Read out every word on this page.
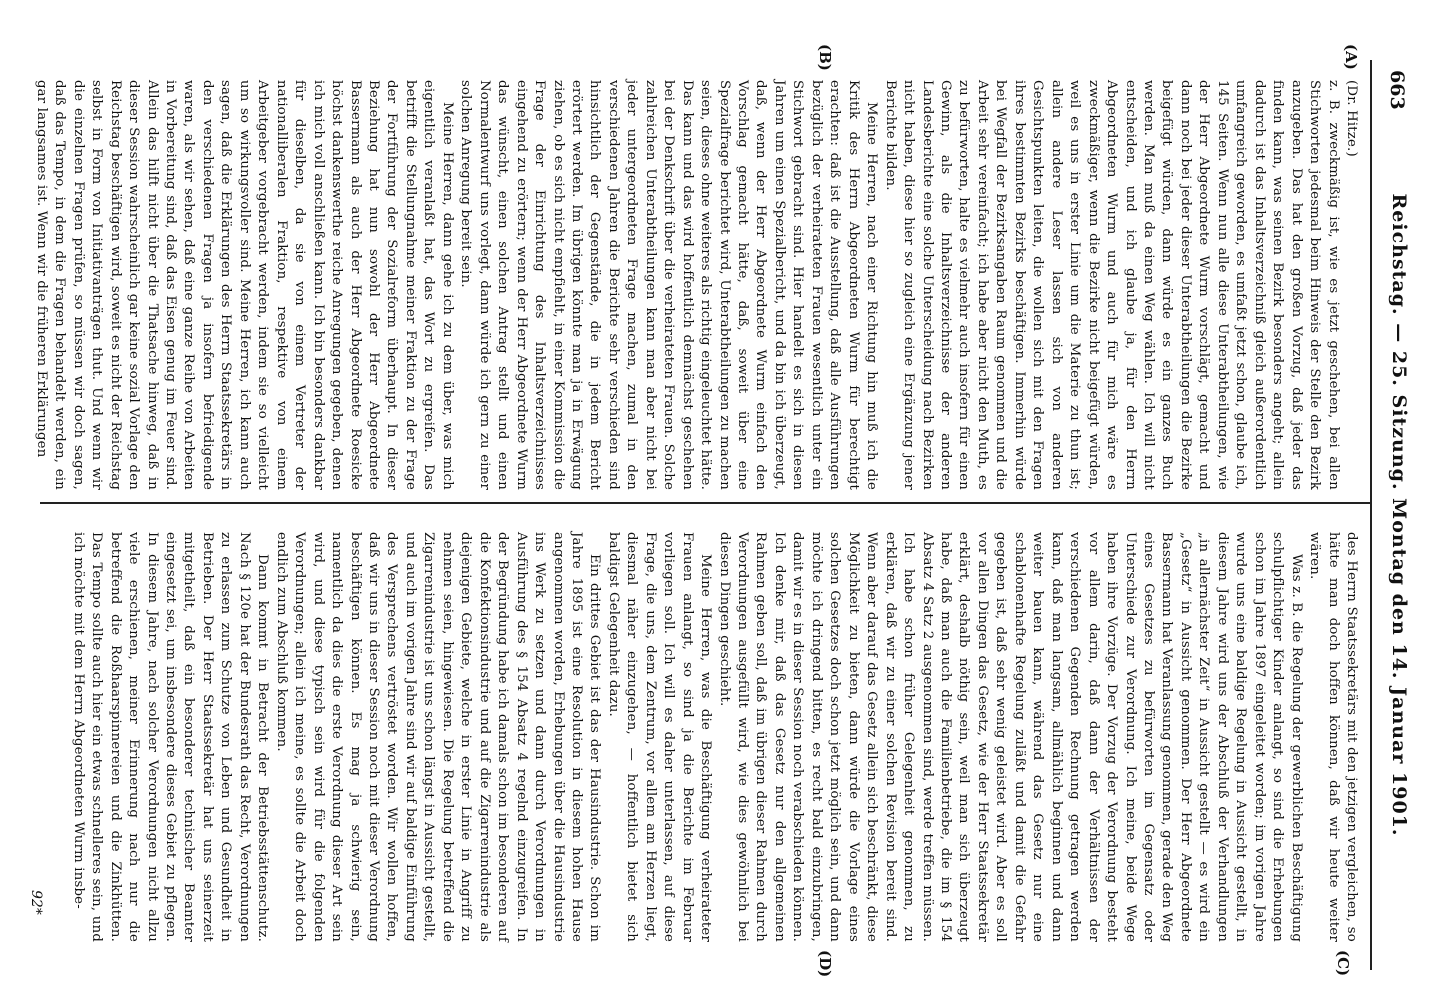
663
Reichstag. — 25. Sitzung. Montag den 14. Januar 1901.
(A)
(B)
(C)
(D)

(Dr. Hitze.)

z. B. zweckmäßig ist, wie es jetzt geschehen, bei allen Stichworten jedesmal beim Hinweis der Stelle den Bezirk anzugeben. Das hat den großen Vorzug, daß jeder das finden kann, was seinen Bezirk besonders angeht; allein dadurch ist das Inhaltsverzeichniß gleich außerordentlich umfangreich geworden, es umfaßt jetzt schon, glaube ich, 145 Seiten. Wenn nun alle diese Unterabtheilungen, wie der Herr Abgeordnete Wurm vorschlägt, gemacht und dann noch bei jeder dieser Unterabtheilungen die Bezirke beigefügt würden, dann würde es ein ganzes Buch werden. Man muß da einen Weg wählen. Ich will nicht entscheiden, und ich glaube ja, für den Herrn Abgeordneten Wurm und auch für mich wäre es zweckmäßiger, wenn die Bezirke nicht beigefügt würden, weil es uns in erster Linie um die Materie zu thun ist; allein andere Leser lassen sich von anderen Gesichtspunkten leiten, die wollen sich mit den Fragen ihres bestimmten Bezirks beschäftigen. Immerhin würde bei Wegfall der Bezirksangaben Raum genommen und die Arbeit sehr vereinfacht; ich habe aber nicht den Muth, es zu befürworten, halte es vielmehr auch insofern für einen Gewinn, als die Inhaltsverzeichnisse der anderen Landesberichte eine solche Unterscheidung nach Bezirken nicht haben, diese hier so zugleich eine Ergänzung jener Berichte bilden.

Meine Herren, nach einer Richtung hin muß ich die Kritik des Herrn Abgeordneten Wurm für berechtigt erachten: daß ist die Ausstellung, daß alle Ausführungen bezüglich der verheirateten Frauen wesentlich unter ein Stichwort gebracht sind. Hier handelt es sich in diesen Jahren um einen Spezialbericht, und da bin ich überzeugt, daß, wenn der Herr Abgeordnete Wurm einfach den Vorschlag gemacht hätte, daß, soweit über eine Spezialfrage berichtet wird, Unterabtheilungen zu machen seien, dieses ohne weiteres als richtig eingeleuchtet hätte. Das kann und das wird hoffentlich demnächst geschehen bei der Denkschrift über die verheirateten Frauen. Solche zahlreichen Unterabtheilungen kann man aber nicht bei jeder untergeordneten Frage machen, zumal in den verschiedenen Jahren die Berichte sehr verschieden sind hinsichtlich der Gegenstände, die in jedem Bericht erörtert werden. Im übrigen könnte man ja in Erwägung ziehen, ob es sich nicht empfiehlt, in einer Kommission die Frage der Einrichtung des Inhaltsverzeichnisses eingehend zu erörtern; wenn der Herr Abgeordnete Wurm das wünscht, einen solchen Antrag stellt und einen Normalentwurf uns vorlegt, dann würde ich gern zu einer solchen Anregung bereit sein.

Meine Herren, dann gehe ich zu dem über, was mich eigentlich veranlaßt hat, das Wort zu ergreifen. Das betrifft die Stellungnahme meiner Fraktion zu der Frage der Fortführung der Sozialreform überhaupt. In dieser Beziehung hat nun sowohl der Herr Abgeordnete Bassermann als auch der Herr Abgeordnete Roesicke höchst dankenswerthe reiche Anregungen gegeben, denen ich mich voll anschließen kann. Ich bin besonders dankbar für dieselben, da sie von einem Vertreter der nationalliberalen Fraktion, respektive von einem Arbeitgeber vorgebracht werden, indem sie so vielleicht um so wirkungsvoller sind. Meine Herren, ich kann auch sagen, daß die Erklärungen des Herrn Staatssekretärs in den verschiedenen Fragen ja insofern befriedigende waren, als wir sehen, daß eine ganze Reihe von Arbeiten in Vorbereitung sind, daß das Eisen genug im Feuer sind. Allein das hilft nicht über die Thatsache hinweg, daß in dieser Session wahrscheinlich gar keine sozial Vorlage den Reichstag beschäftigen wird, soweit es nicht der Reichstag selbst in Form von Initiativanträgen thut. Und wenn wir die einzelnen Fragen prüfen, so müssen wir doch sagen, daß das Tempo, in dem die Fragen behandelt werden, ein gar langsames ist. Wenn wir die früheren Erklärungen

des Herrn Staatssekretärs mit den jetzigen vergleichen, so hätte man doch hoffen können, daß wir heute weiter wären.

Was z. B. die Regelung der gewerblichen Beschäftigung schulpflichtiger Kinder anlangt, so sind die Erhebungen schon im Jahre 1897 eingeleitet worden; im vorigen Jahre wurde uns eine baldige Regelung in Aussicht gestellt, in diesem Jahre wird uns der Abschluß der Verhandlungen „in allernächster Zeit“ in Aussicht gestellt — es wird ein „Gesetz“ in Aussicht genommen. Der Herr Abgeordnete Bassermann hat Veranlassung genommen, gerade den Weg eines Gesetzes zu befürworten im Gegensatz oder Unterschiede zur Verordnung. Ich meine, beide Wege haben ihre Vorzüge. Der Vorzug der Verordnung besteht vor allem darin, daß dann der Verhältnissen der verschiedenen Gegenden Rechnung getragen werden kann, daß man langsam, allmählich beginnen und dann weiter bauen kann, während das Gesetz nur eine schablonenhafte Regelung zuläßt und damit die Gefahr gegeben ist, daß sehr wenig geleistet wird. Aber es soll vor allen Dingen das Gesetz, wie der Herr Staatssekretär erklärt, deshalb nöthig sein, weil man sich überzeugt habe, daß man auch die Familienbetriebe, die im § 154 Absatz 4 Satz 2 ausgenommen sind, werde treffen müssen. Ich habe schon früher Gelegenheit genommen, zu erklären, daß wir zu einer solchen Revision bereit sind. Wenn aber darauf das Gesetz allein sich beschränkt, diese Möglichkeit zu bieten, dann würde die Vorlage eines solchen Gesetzes doch schon jetzt möglich sein, und dann möchte ich dringend bitten, es recht bald einzubringen, damit wir es in dieser Session noch verabschieden können. Ich denke mir, daß das Gesetz nur den allgemeinen Rahmen geben soll, daß im übrigen dieser Rahmen durch Verordnungen ausgefüllt wird, wie dies gewöhnlich bei diesen Dingen geschieht.

Meine Herren, was die Beschäftigung verheirateter Frauen anlangt, so sind ja die Berichte im Februar vorliegen soll. Ich will es daher unterlassen, auf diese Frage, die uns, dem Zentrum, vor allem am Herzen liegt, diesmal näher einzugehen, — hoffentlich bietet sich baldigst Gelegenheit dazu.

Ein drittes Gebiet ist das der Hausindustrie. Schon im Jahre 1895 ist eine Resolution in diesem hohen Hause angenommen worden, Erhebungen über die Hausindustrie ins Werk zu setzen und dann durch Verordnungen in Ausführung des § 154 Absatz 4 regelnd einzugreifen. In der Begründung habe ich damals schon im besonderen auf die Konfektionsindustrie und auf die Zigarrenindustrie als diejenigen Gebiete, welche in erster Linie in Angriff zu nehmen seien, hingewiesen. Die Regelung betreffend die Zigarrenindustrie ist uns schon längst in Aussicht gestellt, und auch im vorigen Jahre sind wir auf baldige Einführung des Versprechens vertröstet worden. Wir wollen hoffen, daß wir uns in dieser Session noch mit dieser Verordnung beschäftigen können. Es mag ja schwierig sein, namentlich da dies die erste Verordnung dieser Art sein wird, und diese typisch sein wird für die folgenden Verordnungen; allein ich meine, es sollte die Arbeit doch endlich zum Abschluß kommen.

Dann kommt in Betracht der Betriebsstättenschutz. Nach § 120e hat der Bundesrath das Recht, Verordnungen zu erlassen zum Schutze von Leben und Gesundheit in Betrieben. Der Herr Staatssekretär hat uns seinerzeit mitgetheilt, daß ein besonderer technischer Beamter eingesetzt sei, um insbesondere dieses Gebiet zu pflegen. In diesem Jahre, nach solcher Verordnungen nicht allzu viele erschienen, meiner Erinnerung nach nur die betreffend die Roßhaarspinnereien und die Zinkhütten. Das Tempo sollte auch hier ein etwas schnelleres sein, und ich möchte mit dem Herrn Abgeordneten Wurm insbe-

92*
